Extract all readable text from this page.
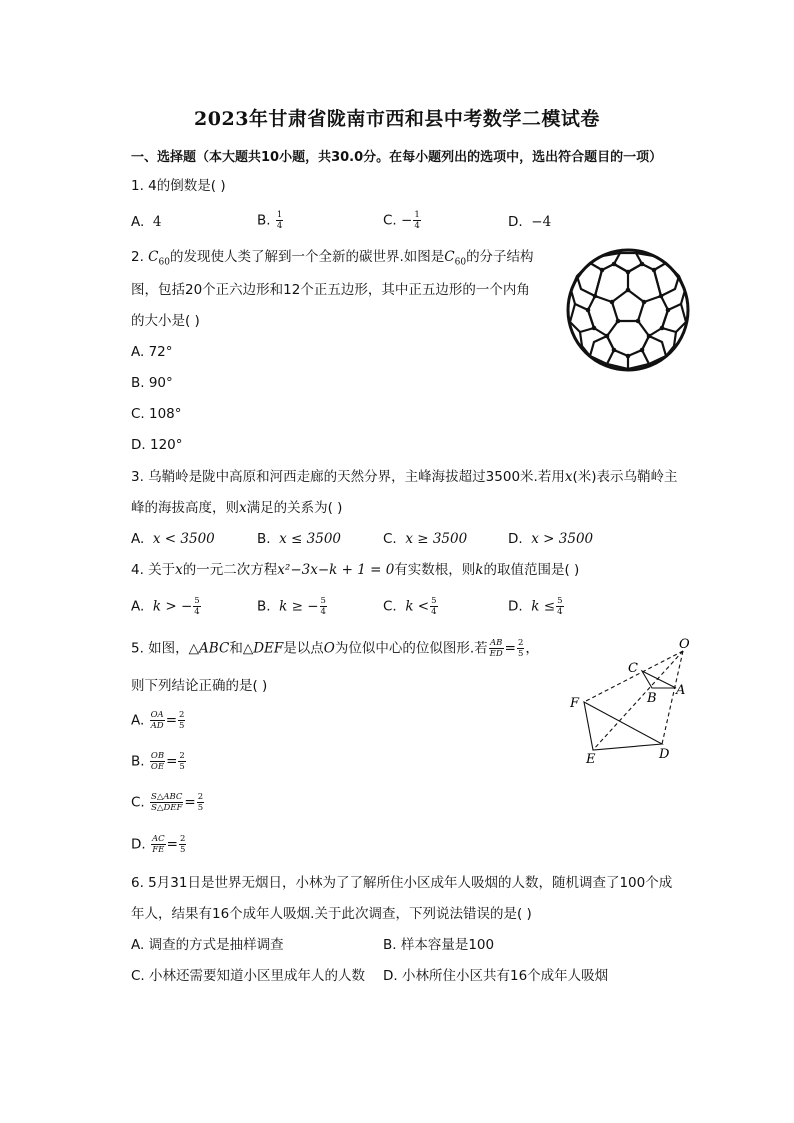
2023年甘肃省陇南市西和县中考数学二模试卷
一、选择题（本大题共10小题，共30.0分。在每小题列出的选项中，选出符合题目的一项）
1. 4的倒数是( )
A. 4	B. $\frac{1}{4}$	C. − $\frac{1}{4}$	D. −4
2. $C_{60}$的发现使人类了解到一个全新的碳世界.如图是$C_{60}$的分子结构
图，包括20个正六边形和12个正五边形，其中正五边形的一个内角
的大小是( )
A. 72°
B. 90°
C. 108°
D. 120°
3. 乌鞘岭是陇中高原和河西走廊的天然分界，主峰海拔超过3500米.若用x(米)表示乌鞘岭主
峰的海拔高度，则x满足的关系为( )
A. x < 3500	B. x ≤ 3500	C. x ≥ 3500	D. x > 3500
4. 关于x的一元二次方程x²−3x−k + 1 = 0有实数根，则k的取值范围是( )
A. k > − $\frac{5}{4}$	B. k ≥ − $\frac{5}{4}$	C. $k < \frac{5}{4}$	D. $k \le \frac{5}{4}$
5. 如图，△ABC和△DEF是以点O为位似中心的位似图形.若 $\frac{AB}{ED} = \frac{2}{5}$ ，
则下列结论正确的是( )
A. $\frac{OA}{AD} = \frac{2}{5}$
B. $\frac{OB}{OE} = \frac{2}{5}$
C. $\frac{\text{S△ABC}}{\text{S△DEF}} = \frac{2}{5}$
D. $\frac{AC}{FE} = \frac{2}{5}$
O
C
A
B
F
E	D
6. 5月31日是世界无烟日，小林为了了解所住小区成年人吸烟的人数，随机调查了100个成
年人，结果有16个成年人吸烟.关于此次调查，下列说法错误的是( )
A. 调查的方式是抽样调查	B. 样本容量是100
C. 小林还需要知道小区里成年人的人数 D. 小林所住小区共有16个成年人吸烟
